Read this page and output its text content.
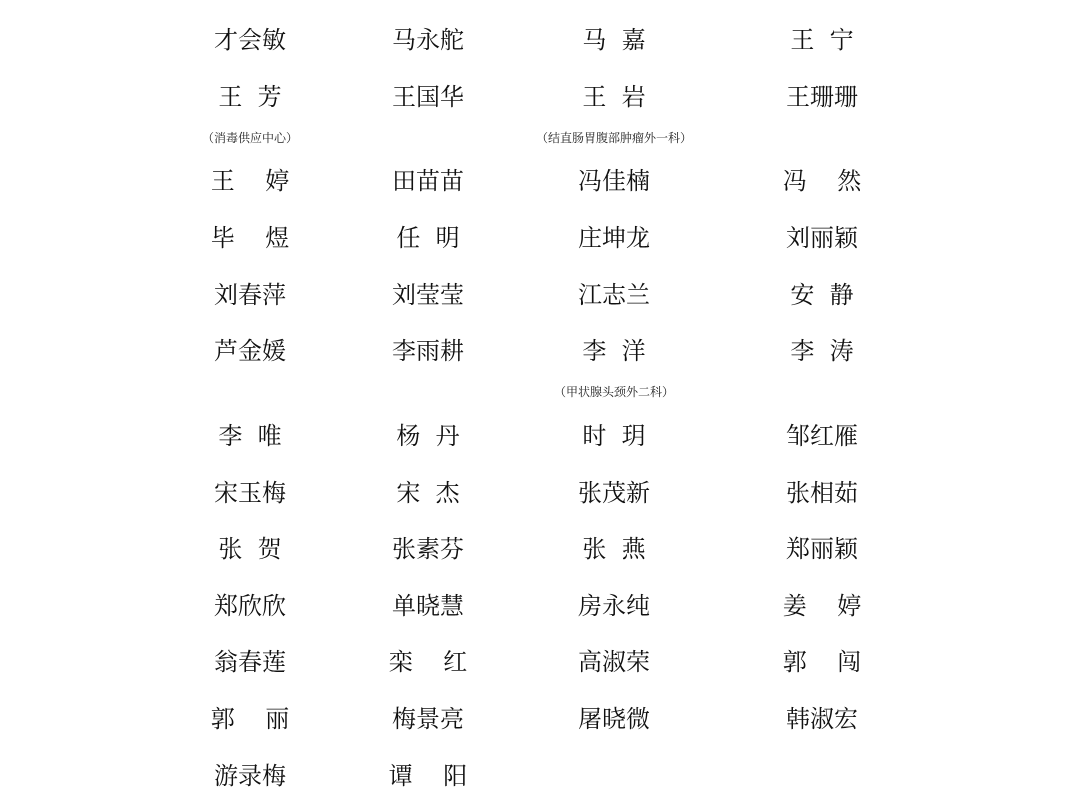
才会敏	马永舵	马  嘉	王  宁
王  芳	王国华	王  岩	王珊珊
王    婷	田苗苗	冯佳楠	冯    然
毕    煜	任  明	庄坤龙	刘丽颖
刘春萍	刘莹莹	江志兰	安  静
芦金媛	李雨耕	李  洋	李  涛
李  唯	杨  丹	时  玥	邹红雁
宋玉梅	宋  杰	张茂新	张相茹
张  贺	张素芬	张  燕	郑丽颖
郑欣欣	单晓慧	房永纯	姜    婷
翁春莲	栾    红	高淑荣	郭    闯
郭    丽	梅景亮	屠晓微	韩淑宏
游录梅	谭    阳
（消毒供应中心）	（结直肠胃腹部肿瘤外一科）
（甲状腺头颈外二科）
